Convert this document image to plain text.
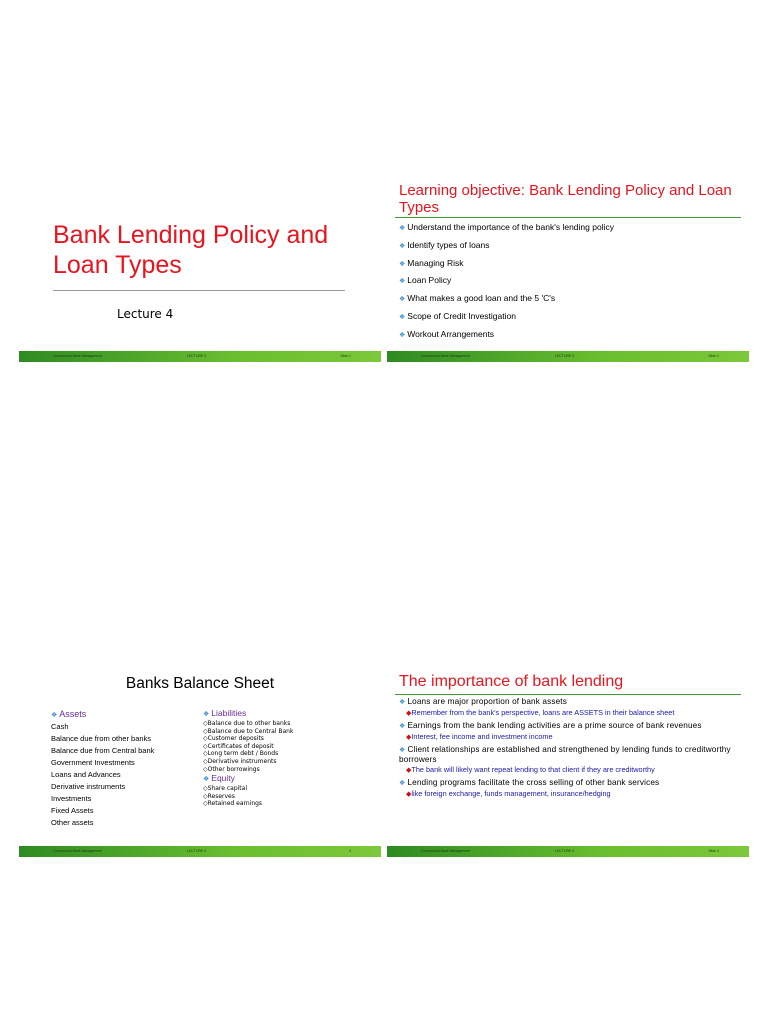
Bank Lending Policy and Loan Types
Lecture 4
Commercial Bank Management	LECTURE 4	Slide 1
Learning objective: Bank Lending Policy and Loan Types
❖ Understand the importance of the bank's lending policy
❖ Identify types of loans
❖ Managing Risk
❖ Loan Policy
❖ What makes a good loan and the 5 'C's
❖ Scope of Credit Investigation
❖ Workout Arrangements
Commercial Bank Management	LECTURE 4	Slide 2
Banks Balance Sheet
❖ Assets
Cash
Balance due from other banks
Balance due from Central bank
Government Investments
Loans and Advances
Derivative instruments
Investments
Fixed Assets
Other assets
❖ Liabilities
◇Balance due to other banks
◇Balance due to Central Bank
◇Customer deposits
◇Certificates of deposit
◇Long term debt / Bonds
◇Derivative instruments
◇Other borrowings
❖ Equity
◇Share capital
◇Reserves
◇Retained earnings
Commercial Bank Management	LECTURE 4	3
The importance of bank lending
❖ Loans are major proportion of bank assets
◆Remember from the bank's perspective, loans are ASSETS in their balance sheet
❖ Earnings from the bank lending activities are a prime source of bank revenues
◆Interest, fee income and investment income
❖ Client relationships are established and strengthened by lending funds to creditworthy borrowers
◆The bank will likely want repeat lending to that client if they are creditworthy
❖ Lending programs facilitate the cross selling of other bank services
◆like foreign exchange, funds management, insurance/hedging
Commercial Bank Management	LECTURE 4	Slide 4
